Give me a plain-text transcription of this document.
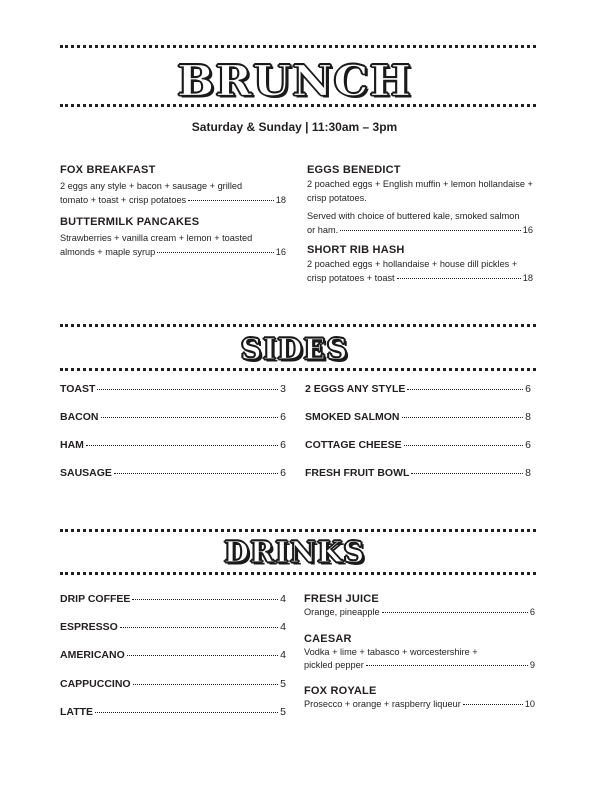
BRUNCH
Saturday & Sunday | 11:30am – 3pm
FOX BREAKFAST
2 eggs any style + bacon + sausage + grilled
tomato + toast + crisp potatoes	18
BUTTERMILK PANCAKES
Strawberries + vanilla cream + lemon + toasted
almonds + maple syrup	16
EGGS BENEDICT
2 poached eggs + English muffin + lemon hollandaise + crisp potatoes.
Served with choice of buttered kale, smoked salmon
or ham.	16
SHORT RIB HASH
2 poached eggs + hollandaise + house dill pickles +
crisp potatoes + toast	18
SIDES
TOAST	3
BACON	6
HAM	6
SAUSAGE	6
2 EGGS ANY STYLE	6
SMOKED SALMON	8
COTTAGE CHEESE	6
FRESH FRUIT BOWL	8
DRINKS
DRIP COFFEE	4
ESPRESSO	4
AMERICANO	4
CAPPUCCINO	5
LATTE	5
FRESH JUICE
Orange, pineapple	6
CAESAR
Vodka + lime + tabasco + worcestershire +
pickled pepper	9
FOX ROYALE
Prosecco + orange + raspberry liqueur	10
